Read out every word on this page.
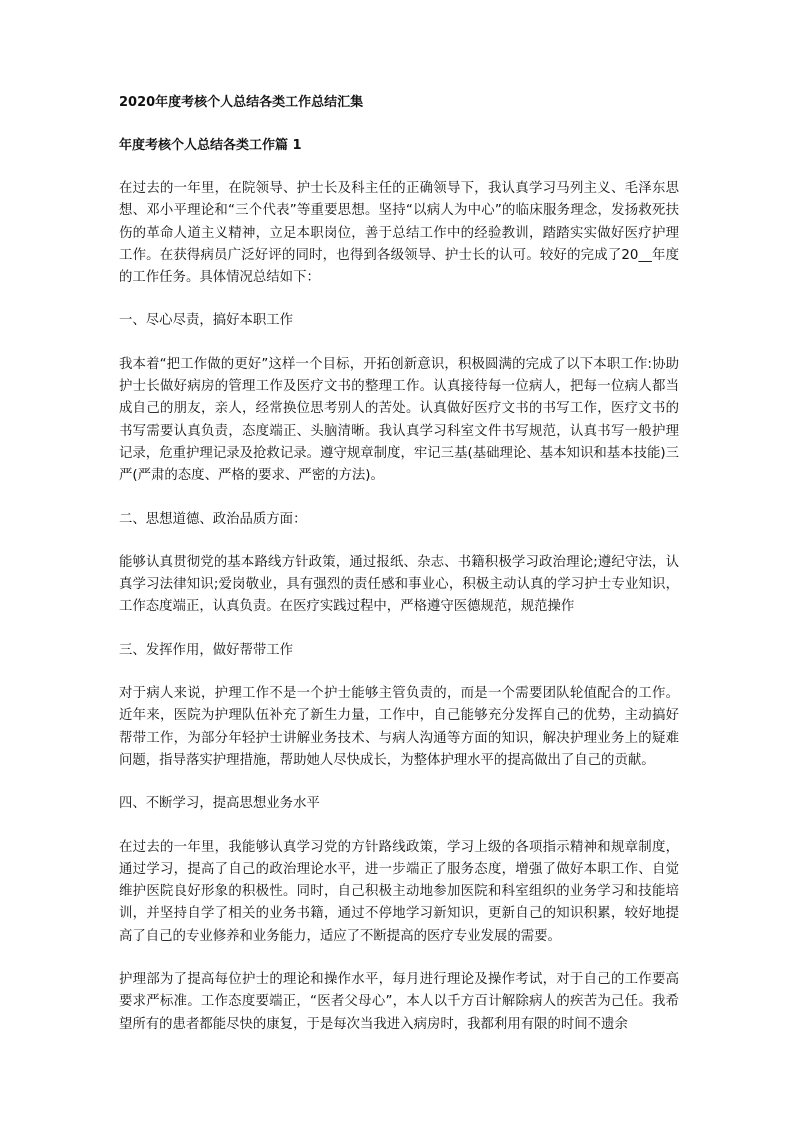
2020年度考核个人总结各类工作总结汇集
年度考核个人总结各类工作篇 1

在过去的一年里，在院领导、护士长及科主任的正确领导下，我认真学习马列主义、毛泽东思想、邓小平理论和“三个代表”等重要思想。坚持“以病人为中心”的临床服务理念，发扬救死扶伤的革命人道主义精神，立足本职岗位，善于总结工作中的经验教训，踏踏实实做好医疗护理工作。在获得病员广泛好评的同时，也得到各级领导、护士长的认可。较好的完成了20__年度的工作任务。具体情况总结如下：

一、尽心尽责，搞好本职工作

我本着“把工作做的更好”这样一个目标，开拓创新意识，积极圆满的完成了以下本职工作:协助护士长做好病房的管理工作及医疗文书的整理工作。认真接待每一位病人，把每一位病人都当成自己的朋友，亲人，经常换位思考别人的苦处。认真做好医疗文书的书写工作，医疗文书的书写需要认真负责，态度端正、头脑清晰。我认真学习科室文件书写规范，认真书写一般护理记录，危重护理记录及抢救记录。遵守规章制度，牢记三基(基础理论、基本知识和基本技能)三严(严肃的态度、严格的要求、严密的方法)。

二、思想道德、政治品质方面：

能够认真贯彻党的基本路线方针政策，通过报纸、杂志、书籍积极学习政治理论;遵纪守法，认真学习法律知识;爱岗敬业，具有强烈的责任感和事业心，积极主动认真的学习护士专业知识，工作态度端正，认真负责。在医疗实践过程中，严格遵守医德规范，规范操作

三、发挥作用，做好帮带工作

对于病人来说，护理工作不是一个护士能够主管负责的，而是一个需要团队轮值配合的工作。近年来，医院为护理队伍补充了新生力量，工作中，自己能够充分发挥自己的优势，主动搞好帮带工作，为部分年轻护士讲解业务技术、与病人沟通等方面的知识，解决护理业务上的疑难问题，指导落实护理措施，帮助她人尽快成长，为整体护理水平的提高做出了自己的贡献。

四、不断学习，提高思想业务水平

在过去的一年里，我能够认真学习党的方针路线政策，学习上级的各项指示精神和规章制度，通过学习，提高了自己的政治理论水平，进一步端正了服务态度，增强了做好本职工作、自觉维护医院良好形象的积极性。同时，自己积极主动地参加医院和科室组织的业务学习和技能培训，并坚持自学了相关的业务书籍，通过不停地学习新知识，更新自己的知识积累，较好地提高了自己的专业修养和业务能力，适应了不断提高的医疗专业发展的需要。

护理部为了提高每位护士的理论和操作水平，每月进行理论及操作考试，对于自己的工作要高要求严标准。工作态度要端正，“医者父母心”，本人以千方百计解除病人的疾苦为己任。我希望所有的患者都能尽快的康复，于是每次当我进入病房时，我都利用有限的时间不遗余
